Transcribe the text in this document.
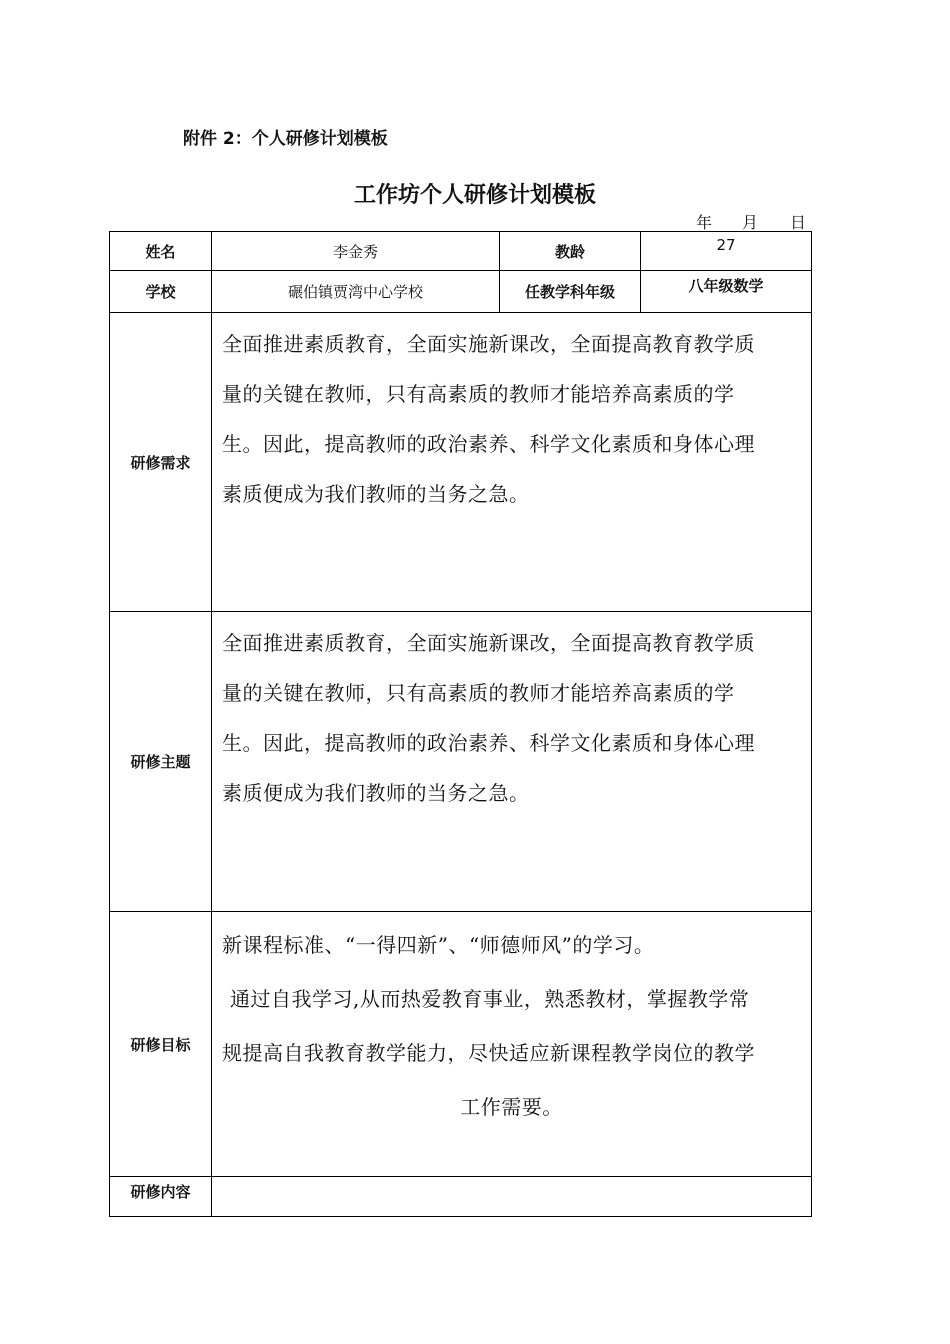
附件 2：个人研修计划模板
工作坊个人研修计划模板
年 月 日
姓名	李金秀	教龄	27
学校	碾伯镇贾湾中心学校	任教学科年级	八年级数学
研修需求	全面推进素质教育，全面实施新课改，全面提高教育教学质

量的关键在教师，只有高素质的教师才能培养高素质的学

生。因此，提高教师的政治素养、科学文化素质和身体心理

素质便成为我们教师的当务之急。		

研修主题	全面推进素质教育，全面实施新课改，全面提高教育教学质

量的关键在教师，只有高素质的教师才能培养高素质的学

生。因此，提高教师的政治素养、科学文化素质和身体心理

素质便成为我们教师的当务之急。		

研修目标	新课程标准、“一得四新”、“师德师风”的学习。

通过自我学习,从而热爱教育事业，熟悉教材，掌握教学常

规提高自我教育教学能力，尽快适应新课程教学岗位的教学

工作需要。		

研修内容			
